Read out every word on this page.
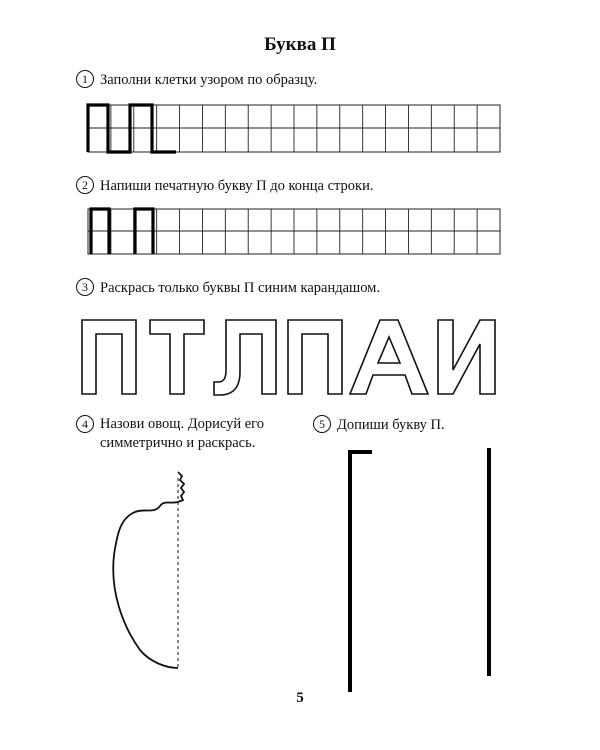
Буква П
1 Заполни клетки узором по образцу.
2 Напиши печатную букву П до конца строки.
3 Раскрась только буквы П синим карандашом.
4 Назови овощ. Дорисуй его симметрично и раскрась.
5 Допиши букву П.
5
